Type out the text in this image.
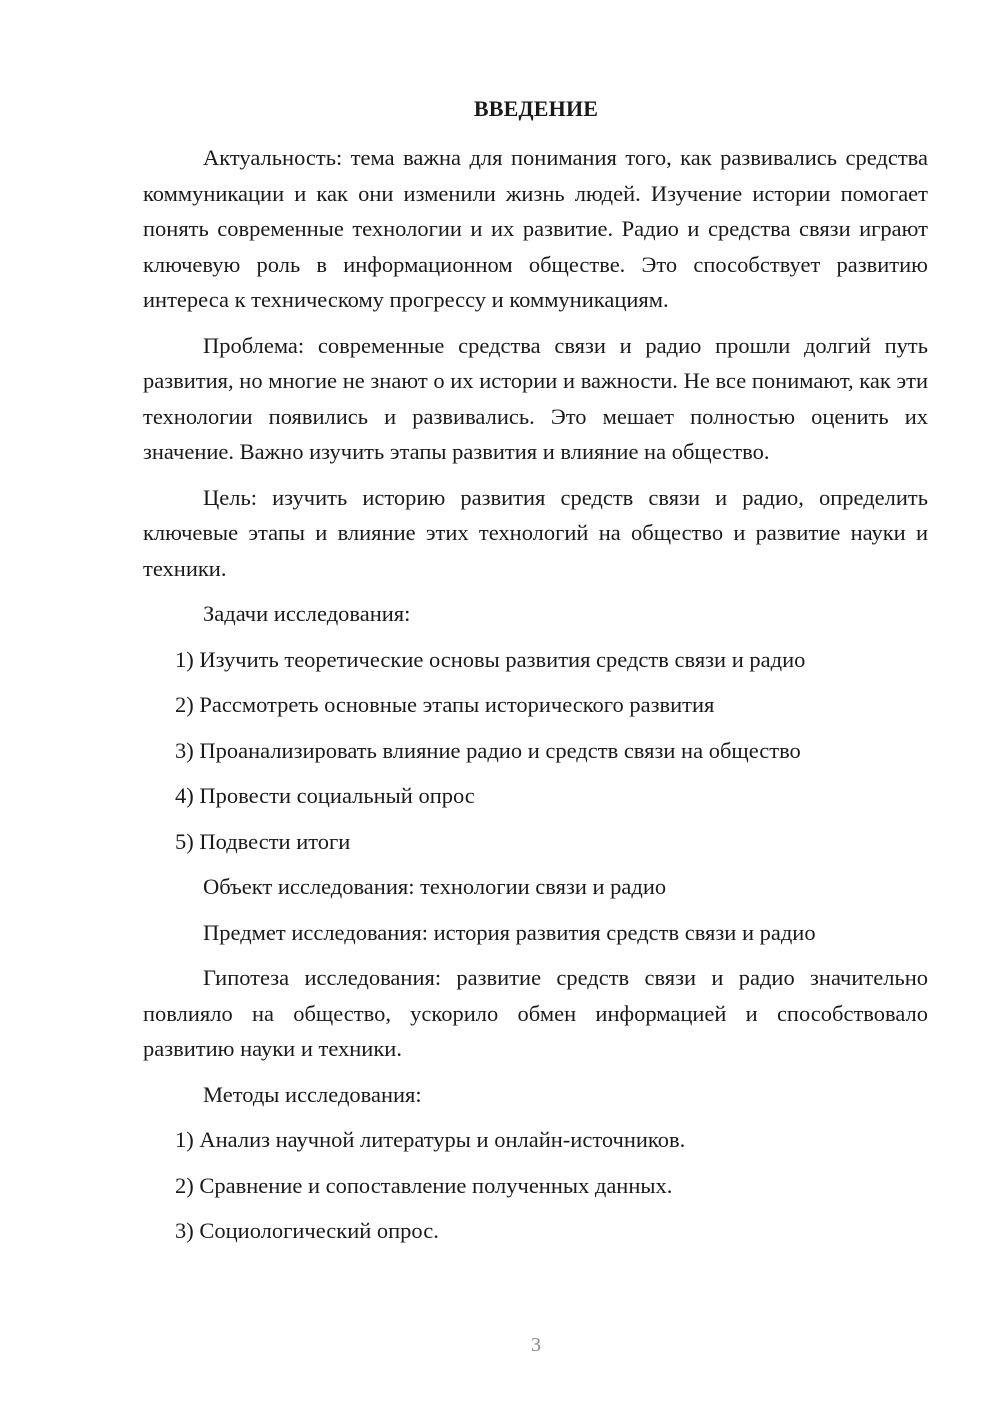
ВВЕДЕНИЕ

Актуальность: тема важна для понимания того, как развивались средства коммуникации и как они изменили жизнь людей. Изучение истории помогает понять современные технологии и их развитие. Радио и средства связи играют ключевую роль в информационном обществе. Это способствует развитию интереса к техническому прогрессу и коммуникациям.

Проблема: современные средства связи и радио прошли долгий путь развития, но многие не знают о их истории и важности. Не все понимают, как эти технологии появились и развивались. Это мешает полностью оценить их значение. Важно изучить этапы развития и влияние на общество.

Цель: изучить историю развития средств связи и радио, определить ключевые этапы и влияние этих технологий на общество и развитие науки и техники.

Задачи исследования:

1) Изучить теоретические основы развития средств связи и радио
2) Рассмотреть основные этапы исторического развития
3) Проанализировать влияние радио и средств связи на общество
4) Провести социальный опрос
5) Подвести итоги

Объект исследования: технологии связи и радио

Предмет исследования: история развития средств связи и радио

Гипотеза исследования: развитие средств связи и радио значительно повлияло на общество, ускорило обмен информацией и способствовало развитию науки и техники.

Методы исследования:

1) Анализ научной литературы и онлайн-источников.
2) Сравнение и сопоставление полученных данных.
3) Социологический опрос.
3
